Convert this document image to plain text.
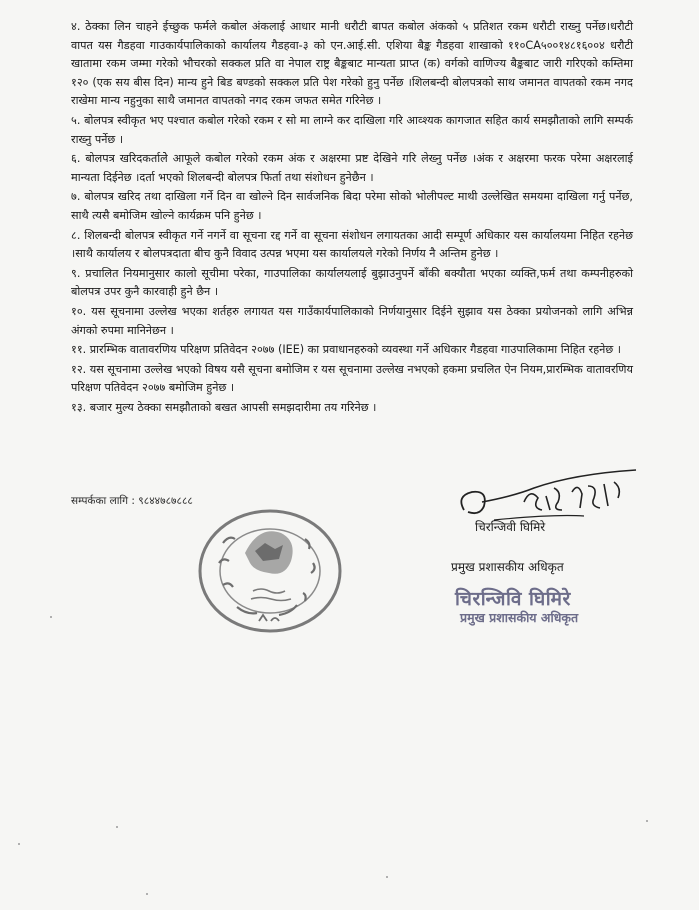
४. ठेक्का लिन चाहने ईच्छुक फर्मले कबोल अंकलाई आधार मानी धरौटी बापत कबोल अंकको ५ प्रतिशत रकम धरौटी राख्नु पर्नेछ।धरौटी वापत यस गैडहवा गाउकार्यपालिकाको कार्यालय गैडहवा-३ को एन.आई.सी. एशिया बैङ्क गैडहवा शाखाको ११०CA५००१४८१६००४ धरौटी खातामा रकम जम्मा गरेको भौचरको सक्कल प्रति वा नेपाल राष्ट्र बैङ्कबाट मान्यता प्राप्त (क) वर्गको वाणिज्य बैङ्कबाट जारी गरिएको कम्तिमा १२० (एक सय बीस दिन) मान्य हुने बिड बण्डको सक्कल प्रति पेश गरेको हुनु पर्नेछ ।शिलबन्दी बोलपत्रको साथ जमानत वापतको रकम नगद राखेमा मान्य नहुनुका साथै जमानत वापतको नगद रकम जफत समेत गरिनेछ ।

५. बोलपत्र स्वीकृत भए पश्चात कबोल गरेको रकम र सो मा लाग्ने कर दाखिला गरि आव्श्यक कागजात सहित कार्य समझौताको लागि सम्पर्क राख्नु पर्नेछ ।

६. बोलपत्र खरिदकर्तालेे आफूले कबोल गरेको रकम अंक र अक्षरमा प्रष्ट देखिने गरि लेख्नु पर्नेछ ।अंक र अक्षरमा फरक परेमा अक्षरलाई मान्यता दिईनेछ ।दर्ता भएको शिलबन्दी बोलपत्र फिर्ता तथा संशोधन हुनेछैन ।

७. बोलपत्र खरिद तथा दाखिला गर्ने दिन वा खोल्ने दिन सार्वजनिक बिदा परेमा सोको भोलीपल्ट माथी उल्लेखित समयमा दाखिला गर्नु पर्नेछ, साथै त्यसै बमोजिम खोल्ने कार्यक्रम पनि हुनेछ ।

८. शिलबन्दी बोलपत्र स्वीकृत गर्ने नगर्ने वा सूचना रद्द गर्ने वा सूचना संशोधन लगायतका आदी सम्पूर्ण अधिकार यस कार्यालयमा निहित रहनेछ ।साथै कार्यालय र बोलपत्रदाता बीच कुनै विवाद उत्पन्न भएमा यस कार्यालयले गरेको निर्णय नै अन्तिम हुनेछ ।

९. प्रचालित नियमानुसार कालो सूचीमा परेका, गाउपालिका कार्यालयलाई बुझाउनुपर्ने बाँकी बक्यौता भएका व्यक्ति,फर्म तथा कम्पनीहरुको बोलपत्र उपर कुनै कारवाही हुने छैन ।

१०. यस सूचनामा उल्लेख भएका शर्तहरु लगायत यस गाउँकार्यपालिकाको निर्णयानुसार दिईने सुझाव यस ठेक्का प्रयोजनको लागि अभिन्न अंगको रुपमा मानिनेछन ।

११. प्रारम्भिक वातावरणिय परिक्षण प्रतिवेदन २०७७ (IEE) का प्रवाधानहरुको व्यवस्था गर्ने अधिकार गैडहवा गाउपालिकामा निहित रहनेछ ।

१२. यस सूचनामा उल्लेख भएको विषय यसै सूचना बमोजिम र यस सूचनामा उल्लेख नभएको हकमा प्रचलित ऐन नियम,प्रारम्भिक वातावरणिय परिक्षण पतिवेदन २०७७ बमोजिम हुनेछ ।

१३. बजार मुल्य ठेक्का समझौताको बखत आपसी समझदारीमा तय गरिनेछ ।

सम्पर्कका लागि : ९८४४७८७८८८
चिरन्जिवी घिमिरे
प्रमुख प्रशासकीय अधिकृत
चिरन्जिवि घिमिरे
प्रमुख प्रशासकीय अधिकृत
